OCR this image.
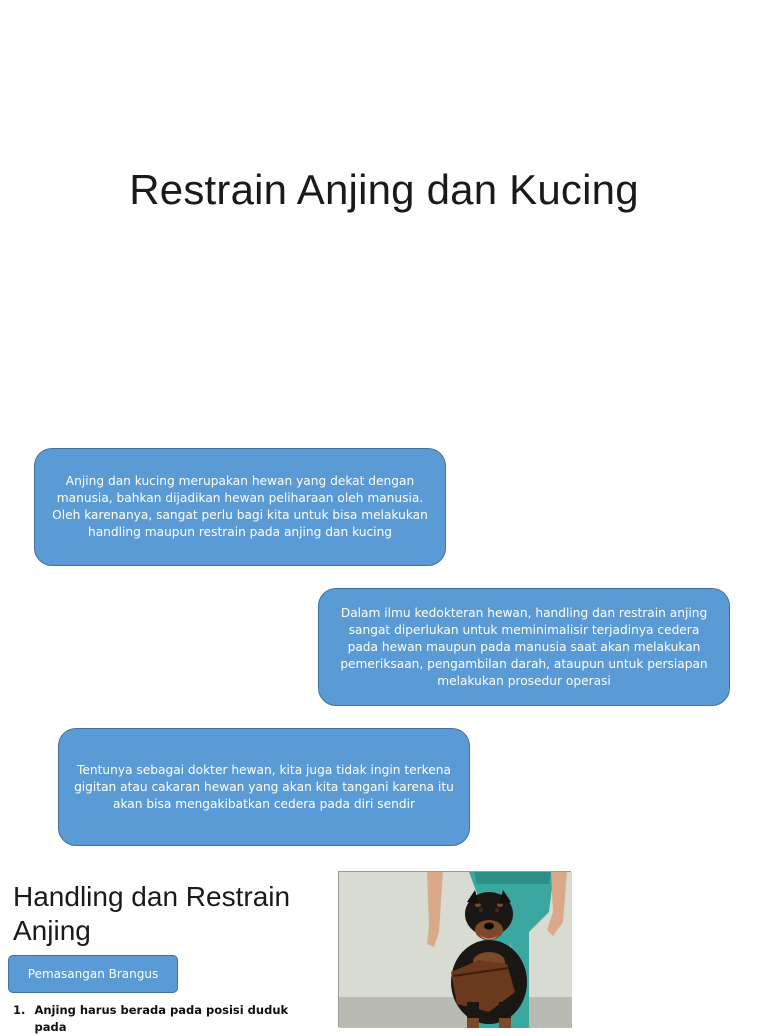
Restrain Anjing dan Kucing

Anjing dan kucing merupakan hewan yang dekat dengan manusia, bahkan dijadikan hewan peliharaan oleh manusia. Oleh karenanya, sangat perlu bagi kita untuk bisa melakukan handling maupun restrain pada anjing dan kucing

Dalam ilmu kedokteran hewan, handling dan restrain anjing sangat diperlukan untuk meminimalisir terjadinya cedera pada hewan maupun pada manusia saat akan melakukan pemeriksaan, pengambilan darah, ataupun untuk persiapan melakukan prosedur operasi

Tentunya sebagai dokter hewan, kita juga tidak ingin terkena gigitan atau cakaran hewan yang akan kita tangani karena itu akan bisa mengakibatkan cedera pada diri sendir

Handling dan Restrain Anjing
Pemasangan Brangus
1. Anjing harus berada pada posisi duduk pada
